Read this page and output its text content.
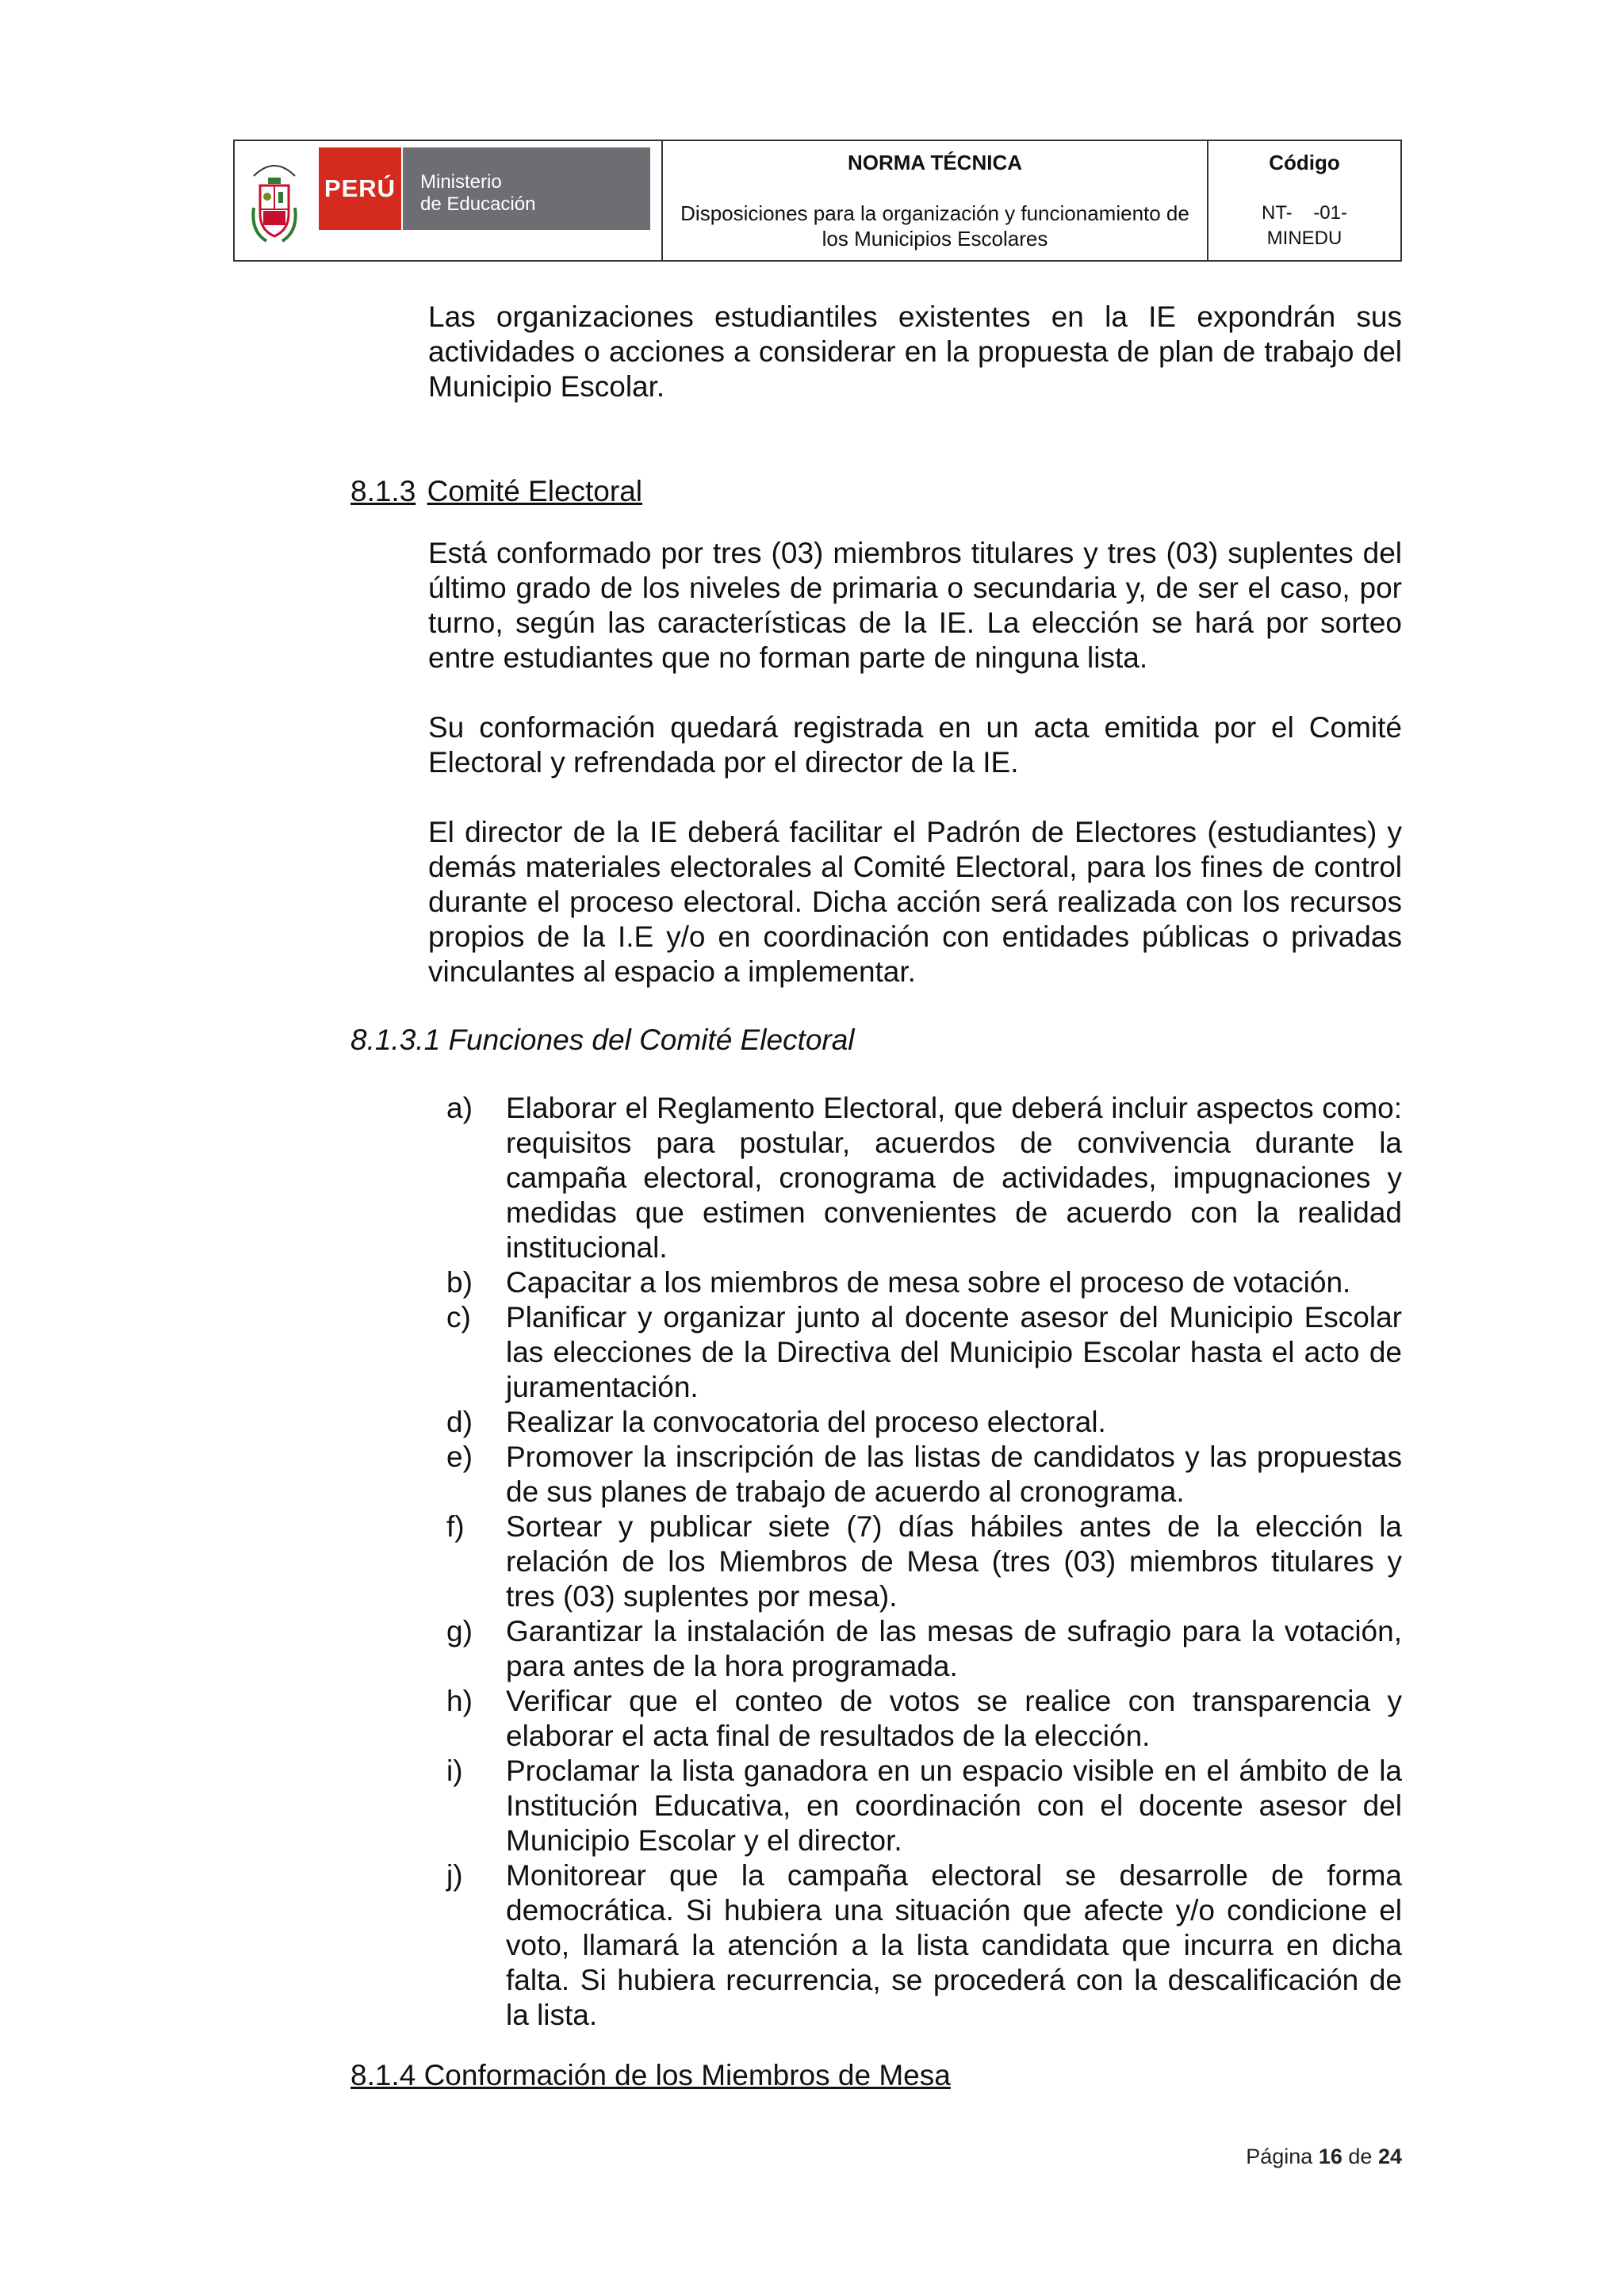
PERÚ Ministerio
de Educación
NORMA TÉCNICA
Disposiciones para la organización y funcionamiento de los Municipios Escolares
Código
NT-    -01-
MINEDU

Las organizaciones estudiantiles existentes en la IE expondrán sus actividades o acciones a considerar en la propuesta de plan de trabajo del Municipio Escolar.

8.1.3 Comité Electoral

Está conformado por tres (03) miembros titulares y tres (03) suplentes del último grado de los niveles de primaria o secundaria y, de ser el caso, por turno, según las características de la IE. La elección se hará por sorteo entre estudiantes que no forman parte de ninguna lista.

Su conformación quedará registrada en un acta emitida por el Comité Electoral y refrendada por el director de la IE.

El director de la IE deberá facilitar el Padrón de Electores (estudiantes) y demás materiales electorales al Comité Electoral, para los fines de control durante el proceso electoral. Dicha acción será realizada con los recursos propios de la I.E y/o en coordinación con entidades públicas o privadas vinculantes al espacio a implementar.

8.1.3.1 Funciones del Comité Electoral

a) Elaborar el Reglamento Electoral, que deberá incluir aspectos como: requisitos para postular, acuerdos de convivencia durante la campaña electoral, cronograma de actividades, impugnaciones y medidas que estimen convenientes de acuerdo con la realidad institucional.
b) Capacitar a los miembros de mesa sobre el proceso de votación.
c) Planificar y organizar junto al docente asesor del Municipio Escolar las elecciones de la Directiva del Municipio Escolar hasta el acto de juramentación.
d) Realizar la convocatoria del proceso electoral.
e) Promover la inscripción de las listas de candidatos y las propuestas de sus planes de trabajo de acuerdo al cronograma.
f) Sortear y publicar siete (7) días hábiles antes de la elección la relación de los Miembros de Mesa (tres (03) miembros titulares y tres (03) suplentes por mesa).
g) Garantizar la instalación de las mesas de sufragio para la votación, para antes de la hora programada.
h) Verificar que el conteo de votos se realice con transparencia y elaborar el acta final de resultados de la elección.
i) Proclamar la lista ganadora en un espacio visible en el ámbito de la Institución Educativa, en coordinación con el docente asesor del Municipio Escolar y el director.
j) Monitorear que la campaña electoral se desarrolle de forma democrática. Si hubiera una situación que afecte y/o condicione el voto, llamará la atención a la lista candidata que incurra en dicha falta. Si hubiera recurrencia, se procederá con la descalificación de la lista.

8.1.4 Conformación de los Miembros de Mesa

Página 16 de 24
